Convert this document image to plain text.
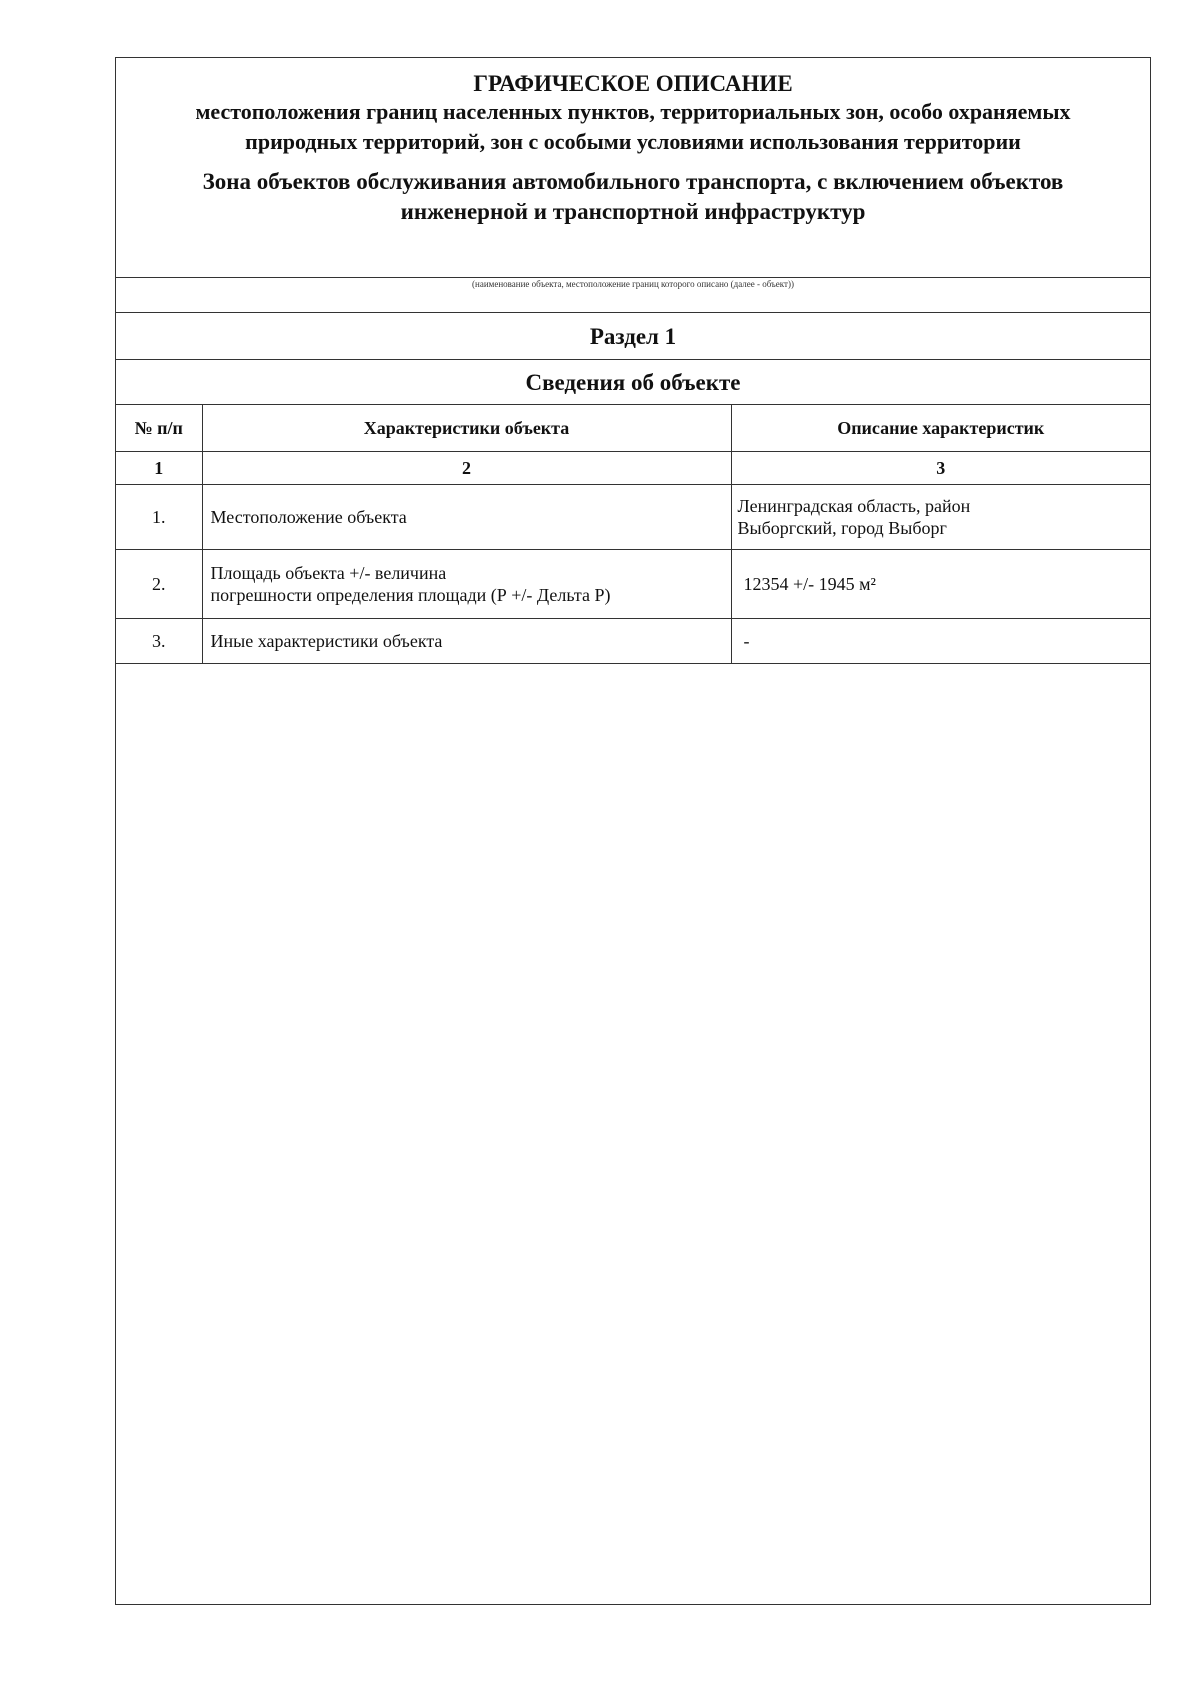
ГРАФИЧЕСКОЕ ОПИСАНИЕ
местоположения границ населенных пунктов, территориальных зон, особо охраняемых природных территорий, зон с особыми условиями использования территории
Зона объектов обслуживания автомобильного транспорта, с включением объектов инженерной и транспортной инфраструктур
(наименование объекта, местоположение границ которого описано (далее - объект))
Раздел 1
Сведения об объекте
№ п/п	Характеристики объекта	Описание характеристик
1	2	3
1.	Местоположение объекта	Ленинградская область, район
Выборгский, город Выборг
2.	Площадь объекта +/- величина
погрешности определения площади (Р +/- Дельта Р)	12354 +/- 1945 м²
3.	Иные характеристики объекта	-
